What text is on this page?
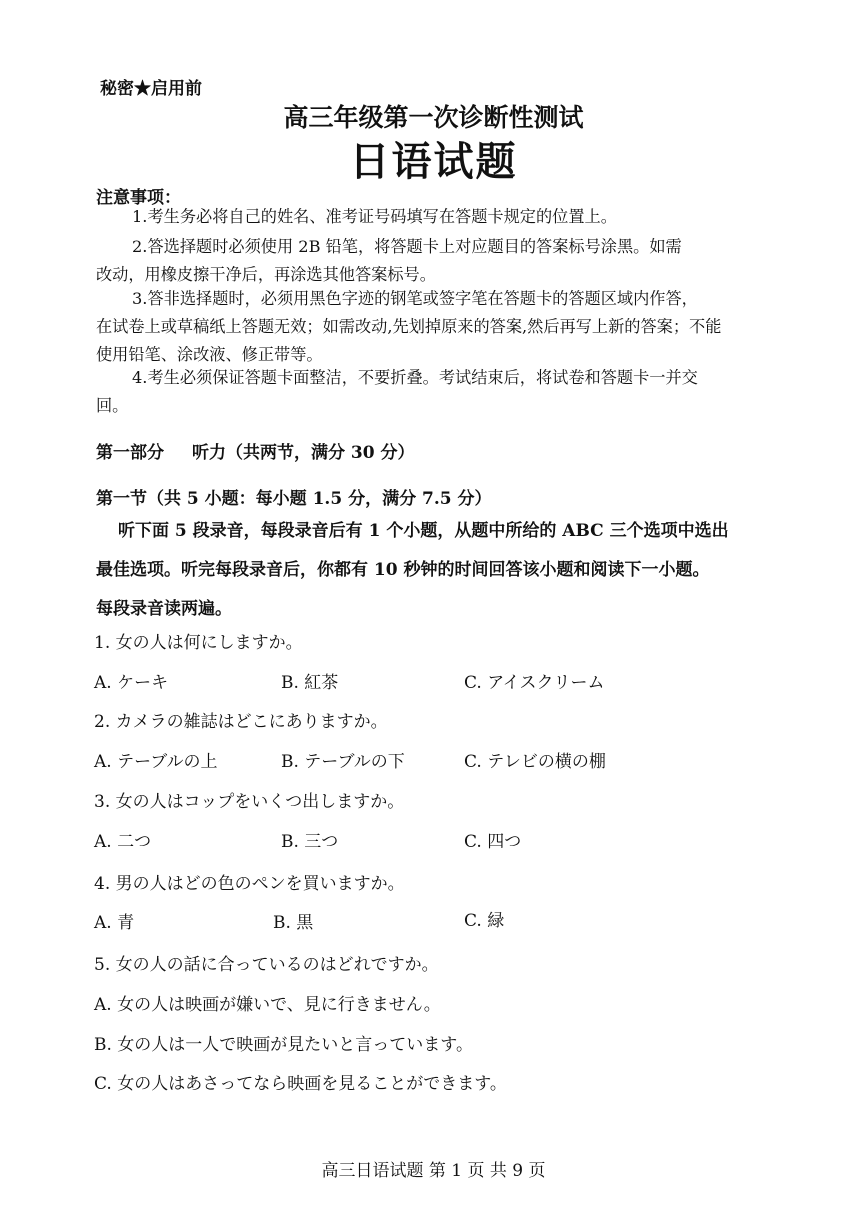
秘密★启用前
高三年级第一次诊断性测试
日语试题
注意事项：
1.考生务必将自己的姓名、准考证号码填写在答题卡规定的位置上。
2.答选择题时必须使用 2B 铅笔，将答题卡上对应题目的答案标号涂黑。如需
改动，用橡皮擦干净后，再涂选其他答案标号。
3.答非选择题时，必须用黑色字迹的钢笔或签字笔在答题卡的答题区域内作答，
在试卷上或草稿纸上答题无效；如需改动,先划掉原来的答案,然后再写上新的答案；不能
使用铅笔、涂改液、修正带等。
4.考生必须保证答题卡面整洁，不要折叠。考试结束后，将试卷和答题卡一并交
回。
第一部分 听力（共两节，满分 30 分）
第一节（共 5 小题：每小题 1.5 分，满分 7.5 分）
听下面 5 段录音，每段录音后有 1 个小题，从题中所给的 ABC 三个选项中选出
最佳选项。听完每段录音后，你都有 10 秒钟的时间回答该小题和阅读下一小题。
每段录音读两遍。
1. 女の人は何にしますか。
A. ケーキ	B. 紅茶	C. アイスクリーム
2. カメラの雑誌はどこにありますか。
A. テーブルの上	B. テーブルの下	C. テレビの横の棚
3. 女の人はコップをいくつ出しますか。
A. 二つ	B. 三つ	C. 四つ
4. 男の人はどの色のペンを買いますか。
A. 青	B. 黒	C. 緑
5. 女の人の話に合っているのはどれですか。
A. 女の人は映画が嫌いで、見に行きません。
B. 女の人は一人で映画が見たいと言っています。
C. 女の人はあさってなら映画を見ることができます。
高三日语试题 第 1 页 共 9 页
